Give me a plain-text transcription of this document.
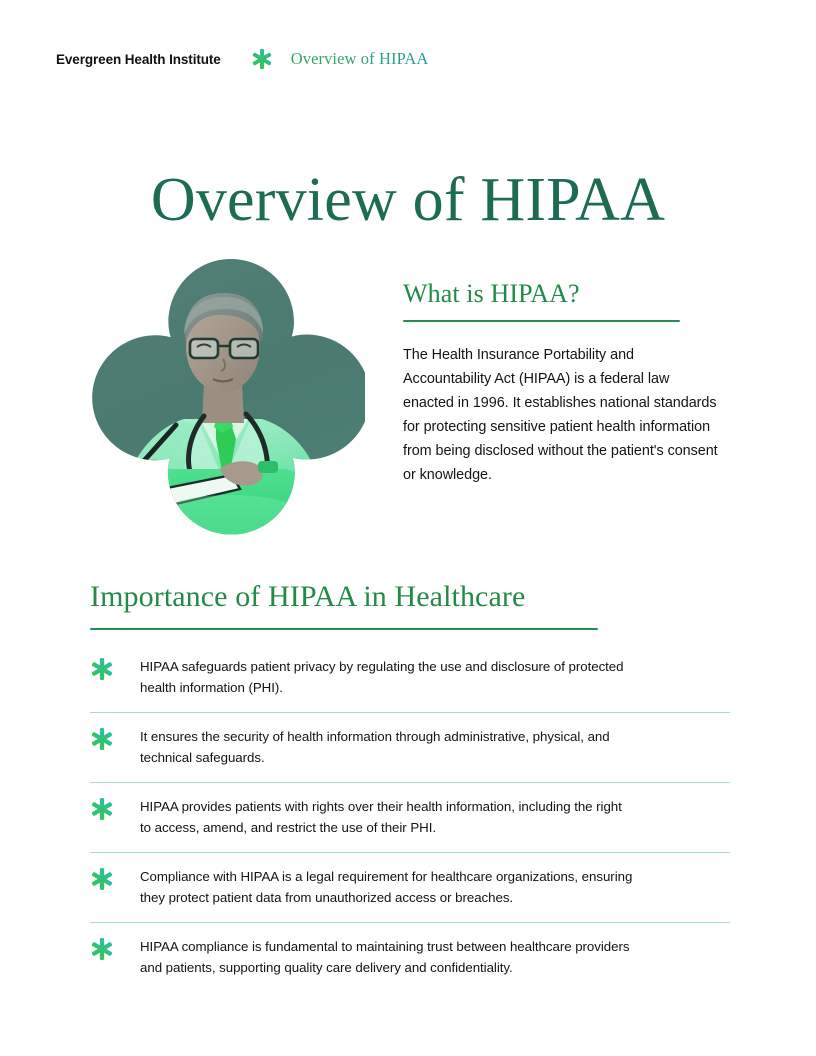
Evergreen Health Institute	Overview of HIPAA
Overview of HIPAA
What is HIPAA?

The Health Insurance Portability and Accountability Act (HIPAA) is a federal law enacted in 1996. It establishes national standards for protecting sensitive patient health information from being disclosed without the patient's consent or knowledge.

Importance of HIPAA in Healthcare
HIPAA safeguards patient privacy by regulating the use and disclosure of protected health information (PHI).
It ensures the security of health information through administrative, physical, and technical safeguards.
HIPAA provides patients with rights over their health information, including the right to access, amend, and restrict the use of their PHI.
Compliance with HIPAA is a legal requirement for healthcare organizations, ensuring they protect patient data from unauthorized access or breaches.
HIPAA compliance is fundamental to maintaining trust between healthcare providers and patients, supporting quality care delivery and confidentiality.
